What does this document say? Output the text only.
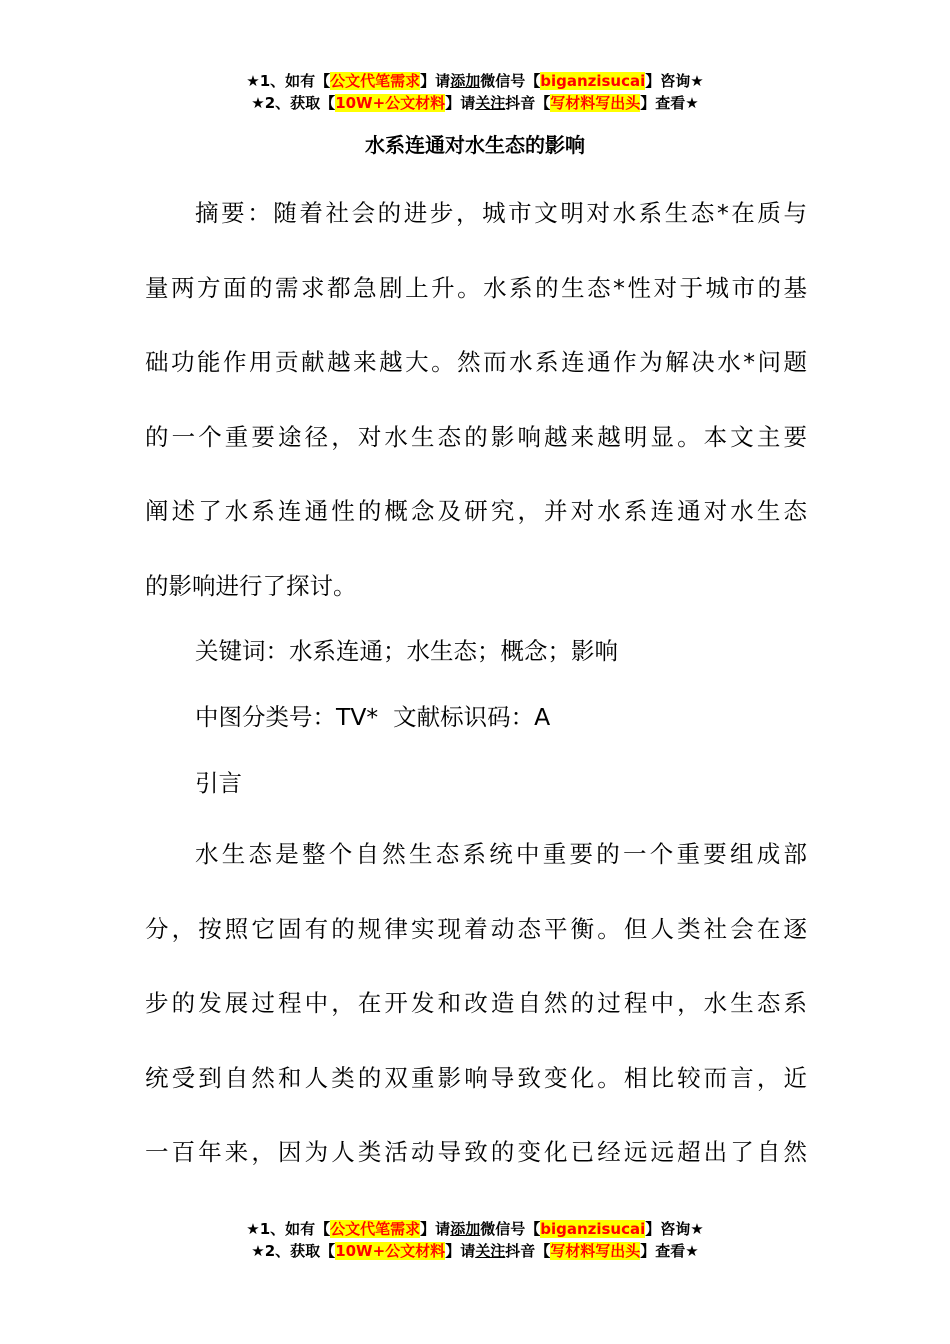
★1、如有【公文代笔需求】请添加微信号【biganzisucai】咨询★
★2、获取【10W+公文材料】请关注抖音【写材料写出头】查看★
水系连通对水生态的影响
摘要：随着社会的进步，城市文明对水系生态*在质与
量两方面的需求都急剧上升。水系的生态*性对于城市的基
础功能作用贡献越来越大。然而水系连通作为解决水*问题
的一个重要途径，对水生态的影响越来越明显。本文主要
阐述了水系连通性的概念及研究，并对水系连通对水生态
的影响进行了探讨。
关键词：水系连通；水生态；概念；影响
中图分类号：TV*  文献标识码：A
引言
水生态是整个自然生态系统中重要的一个重要组成部
分，按照它固有的规律实现着动态平衡。但人类社会在逐
步的发展过程中，在开发和改造自然的过程中，水生态系
统受到自然和人类的双重影响导致变化。相比较而言，近
一百年来，因为人类活动导致的变化已经远远超出了自然
★1、如有【公文代笔需求】请添加微信号【biganzisucai】咨询★
★2、获取【10W+公文材料】请关注抖音【写材料写出头】查看★
